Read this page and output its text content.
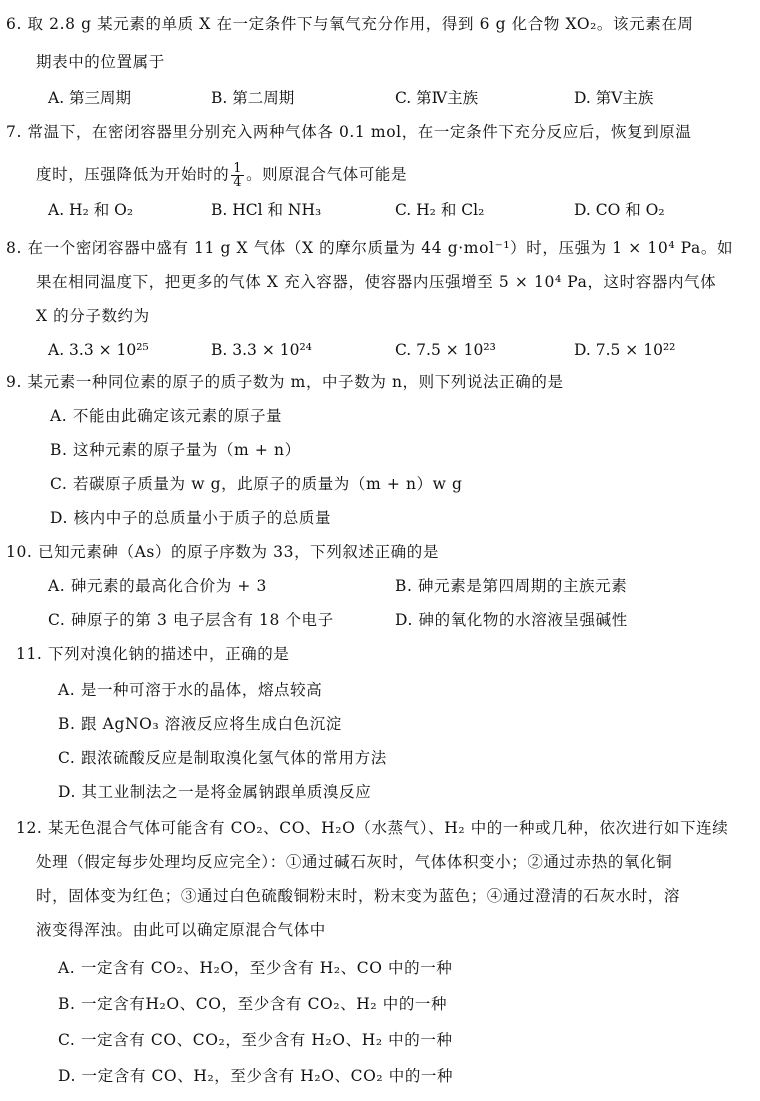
6. 取 2.8 g 某元素的单质 X 在一定条件下与氧气充分作用，得到 6 g 化合物 XO₂。该元素在周
期表中的位置属于
A. 第三周期	B. 第二周期	C. 第Ⅳ主族	D. 第Ⅴ主族
7. 常温下，在密闭容器里分别充入两种气体各 0.1 mol，在一定条件下充分反应后，恢复到原温
度时，压强降低为开始时的 $\frac{1}{4}$ 。则原混合气体可能是
A. H₂ 和 O₂	B. HCl 和 NH₃	C. H₂ 和 Cl₂	D. CO 和 O₂
8. 在一个密闭容器中盛有 11 g X 气体（X 的摩尔质量为 44 g·mol⁻¹）时，压强为 1 × 10⁴ Pa。如
果在相同温度下，把更多的气体 X 充入容器，使容器内压强增至 5 × 10⁴ Pa，这时容器内气体
X 的分子数约为
A. 3.3 × 10²⁵	B. 3.3 × 10²⁴	C. 7.5 × 10²³	D. 7.5 × 10²²
9. 某元素一种同位素的原子的质子数为 m，中子数为 n，则下列说法正确的是
A. 不能由此确定该元素的原子量
B. 这种元素的原子量为（m + n）
C. 若碳原子质量为 w g，此原子的质量为（m + n）w g
D. 核内中子的总质量小于质子的总质量
10. 已知元素砷（As）的原子序数为 33，下列叙述正确的是
A. 砷元素的最高化合价为 + 3	B. 砷元素是第四周期的主族元素
C. 砷原子的第 3 电子层含有 18 个电子	D. 砷的氧化物的水溶液呈强碱性
11. 下列对溴化钠的描述中，正确的是
A. 是一种可溶于水的晶体，熔点较高
B. 跟 AgNO₃ 溶液反应将生成白色沉淀
C. 跟浓硫酸反应是制取溴化氢气体的常用方法
D. 其工业制法之一是将金属钠跟单质溴反应
12. 某无色混合气体可能含有 CO₂、CO、H₂O（水蒸气）、H₂ 中的一种或几种，依次进行如下连续
处理（假定每步处理均反应完全）：①通过碱石灰时，气体体积变小；②通过赤热的氧化铜
时，固体变为红色；③通过白色硫酸铜粉末时，粉末变为蓝色；④通过澄清的石灰水时，溶
液变得浑浊。由此可以确定原混合气体中
A. 一定含有 CO₂、H₂O，至少含有 H₂、CO 中的一种
B. 一定含有H₂O、CO，至少含有 CO₂、H₂ 中的一种
C. 一定含有 CO、CO₂，至少含有 H₂O、H₂ 中的一种
D. 一定含有 CO、H₂，至少含有 H₂O、CO₂ 中的一种
